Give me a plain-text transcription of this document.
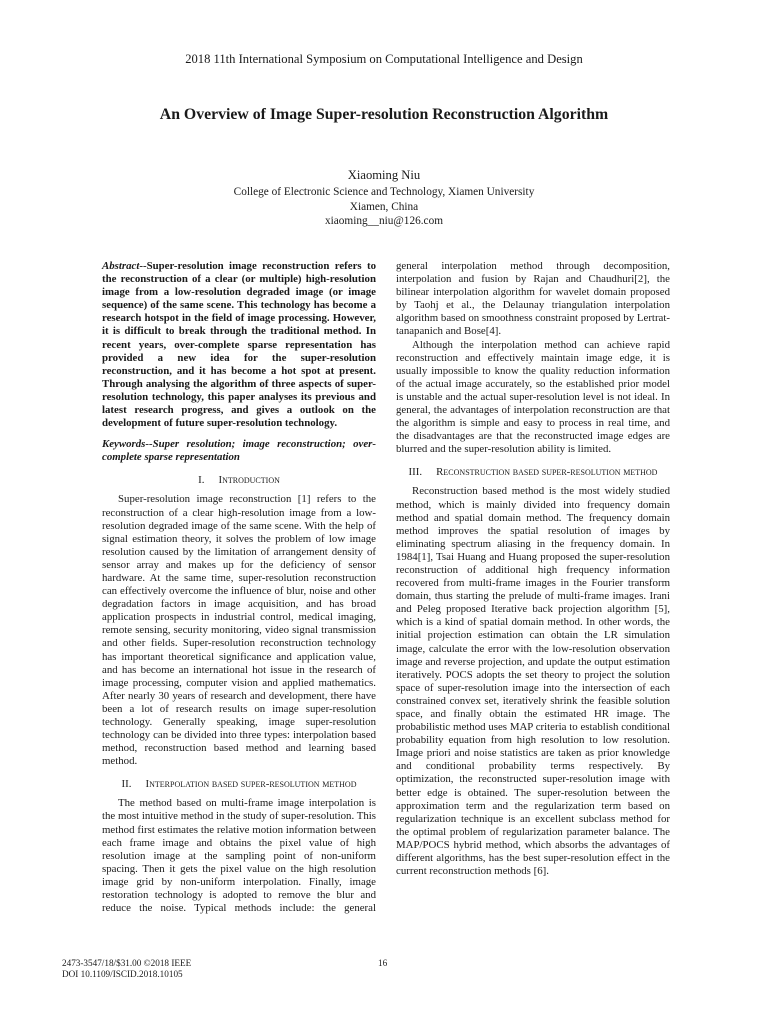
2018 11th International Symposium on Computational Intelligence and Design
An Overview of Image Super-resolution Reconstruction Algorithm
Xiaoming Niu
College of Electronic Science and Technology, Xiamen University
Xiamen, China
xiaoming__niu@126.com

Abstract--Super-resolution image reconstruction refers to the reconstruction of a clear (or multiple) high-resolution image from a low-resolution degraded image (or image sequence) of the same scene. This technology has become a research hotspot in the field of image processing. However, it is difficult to break through the traditional method. In recent years, over-complete sparse representation has provided a new idea for the super-resolution reconstruction, and it has become a hot spot at present. Through analysing the algorithm of three aspects of super-resolution technology, this paper analyses its previous and latest research progress, and gives a outlook on the development of future super-resolution technology.

Keywords--Super resolution; image reconstruction; over-complete sparse representation

I. Introduction

Super-resolution image reconstruction [1] refers to the reconstruction of a clear high-resolution image from a low-resolution degraded image of the same scene. With the help of signal estimation theory, it solves the problem of low image resolution caused by the limitation of arrangement density of sensor array and makes up for the deficiency of sensor hardware. At the same time, super-resolution reconstruction can effectively overcome the influence of blur, noise and other degradation factors in image acquisition, and has broad application prospects in industrial control, medical imaging, remote sensing, security monitoring, video signal transmission and other fields. Super-resolution reconstruction technology has important theoretical significance and application value, and has become an international hot issue in the research of image processing, computer vision and applied mathematics. After nearly 30 years of research and development, there have been a lot of research results on image super-resolution technology. Generally speaking, image super-resolution technology can be divided into three types: interpolation based method, reconstruction based method and learning based method.

II. Interpolation based super-resolution method

The method based on multi-frame image interpolation is the most intuitive method in the study of super-resolution. This method first estimates the relative motion information between each frame image and obtains the pixel value of high resolution image at the sampling point of non-uniform spacing. Then it gets the pixel value on the high resolution image grid by non-uniform interpolation. Finally, image restoration technology is adopted to remove the blur and reduce the noise. Typical methods include: the general

general interpolation method through decomposition, interpolation and fusion by Rajan and Chaudhuri[2], the bilinear interpolation algorithm for wavelet domain proposed by Taohj et al., the Delaunay triangulation interpolation algorithm based on smoothness constraint proposed by Lertrat-tanapanich and Bose[4].

Although the interpolation method can achieve rapid reconstruction and effectively maintain image edge, it is usually impossible to know the quality reduction information of the actual image accurately, so the established prior model is unstable and the actual super-resolution level is not ideal. In general, the advantages of interpolation reconstruction are that the algorithm is simple and easy to process in real time, and the disadvantages are that the reconstructed image edges are blurred and the super-resolution ability is limited.

III. Reconstruction based super-resolution method

Reconstruction based method is the most widely studied method, which is mainly divided into frequency domain method and spatial domain method. The frequency domain method improves the spatial resolution of images by eliminating spectrum aliasing in the frequency domain. In 1984[1], Tsai Huang and Huang proposed the super-resolution reconstruction of additional high frequency information recovered from multi-frame images in the Fourier transform domain, thus starting the prelude of multi-frame images. Irani and Peleg proposed Iterative back projection algorithm [5], which is a kind of spatial domain method. In other words, the initial projection estimation can obtain the LR simulation image, calculate the error with the low-resolution observation image and reverse projection, and update the output estimation iteratively. POCS adopts the set theory to project the solution space of super-resolution image into the intersection of each constrained convex set, iteratively shrink the feasible solution space, and finally obtain the estimated HR image. The probabilistic method uses MAP criteria to establish conditional probability equation from high resolution to low resolution. Image priori and noise statistics are taken as prior knowledge and conditional probability terms respectively. By optimization, the reconstructed super-resolution image with better edge is obtained. The super-resolution between the approximation term and the regularization term based on regularization technique is an excellent subclass method for the optimal problem of regularization parameter balance. The MAP/POCS hybrid method, which absorbs the advantages of different algorithms, has the best super-resolution effect in the current reconstruction methods [6].

2473-3547/18/$31.00 ©2018 IEEE
DOI 10.1109/ISCID.2018.10105
16
